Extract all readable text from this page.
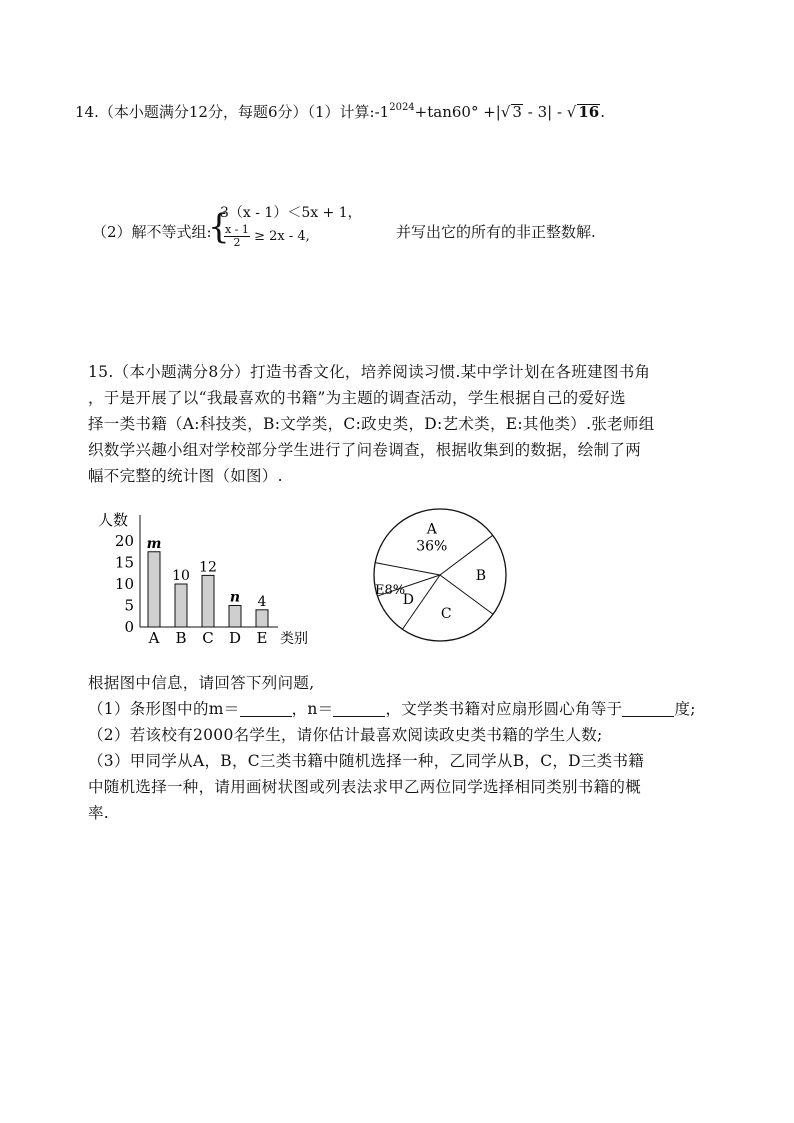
14.（本小题满分12分，每题6分）（1）计算$:-1^{2024}+\tan 60^\circ$ +|√ 3 - 3| - √ 16.
（2）解不等式组:
{
3（x - 1）＜5x + 1，
$\frac{x - 1}{2} \ge 2x - 4$,	并写出它的所有的非正整数解.
15.（本小题满分8分）打造书香文化，培养阅读习惯.某中学计划在各班建图书角
，于是开展了以“我最喜欢的书籍”为主题的调查活动，学生根据自己的爱好选
择一类书籍（A:科技类，B:文学类，C:政史类，D:艺术类，E:其他类）.张老师组
织数学兴趣小组对学校部分学生进行了问卷调查，根据收集到的数据，绘制了两
幅不完整的统计图（如图）.
人数
0
5
10
15
20 m
A
10
B
12
C
n
D
4
E 类别
A
36%
B
C
D
E8%
根据图中信息，请回答下列问题,
（1）条形图中的m＝	，n＝	，文学类书籍对应扇形圆心角等于	度;
（2）若该校有2000名学生，请你估计最喜欢阅读政史类书籍的学生人数;
（3）甲同学从A，B，C三类书籍中随机选择一种，乙同学从B，C，D三类书籍
中随机选择一种，请用画树状图或列表法求甲乙两位同学选择相同类别书籍的概
率.
